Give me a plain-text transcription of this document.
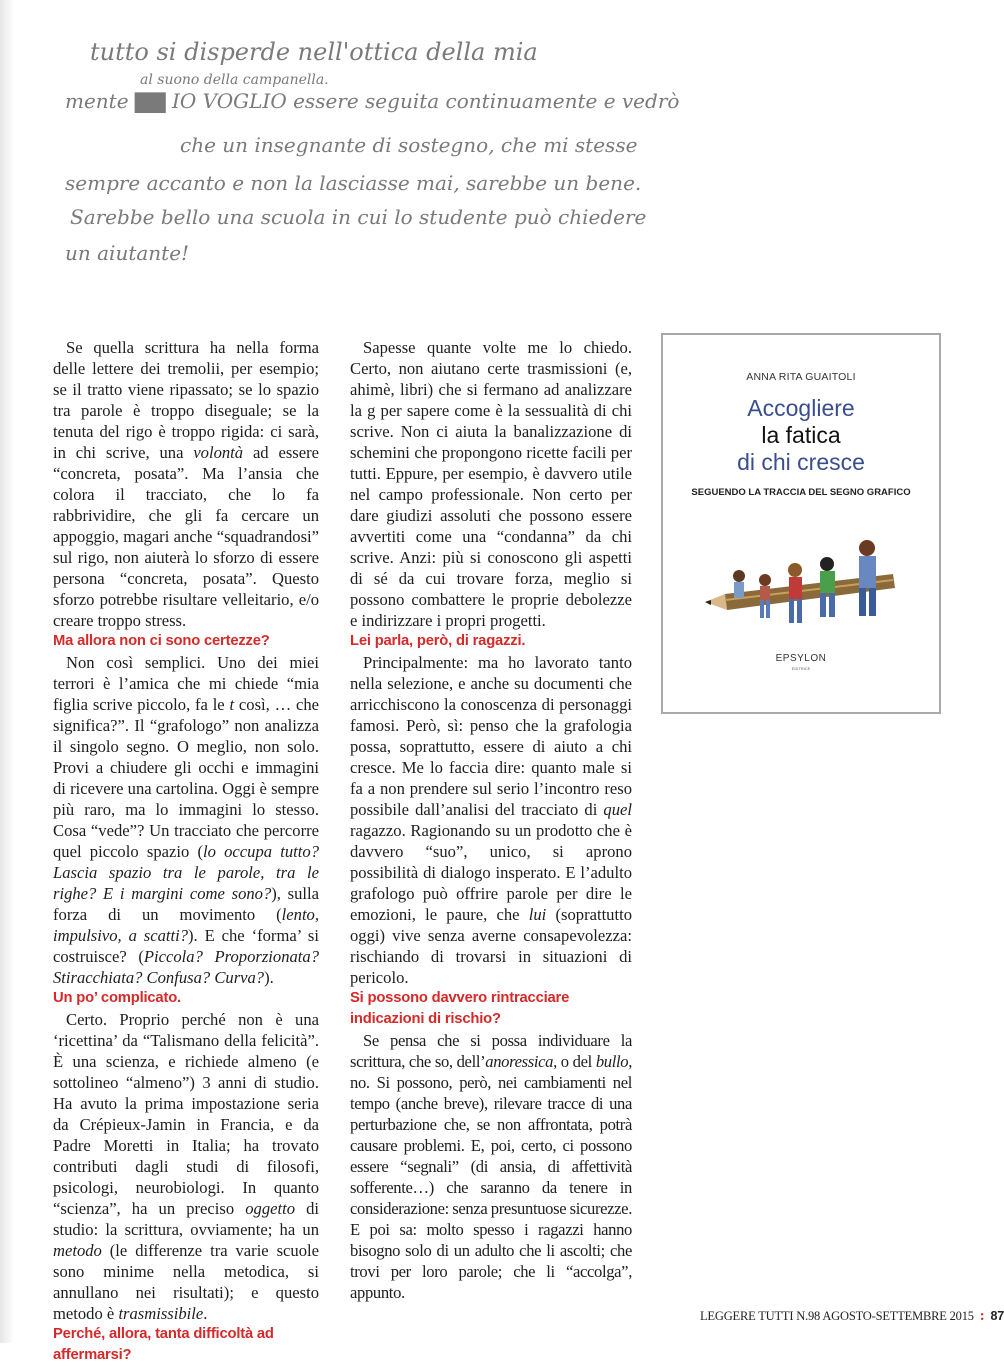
tutto si disperde nell'ottica della mia
al suono della campanella.
mente ▇▇ IO VOGLIO essere seguita continuamente e vedrò
che un insegnante di sostegno, che mi stesse
sempre accanto e non la lasciasse mai, sarebbe un bene.
Sarebbe bello una scuola in cui lo studente può chiedere
un aiutante!

Se quella scrittura ha nella forma delle lettere dei tremolii, per esempio; se il tratto viene ripassato; se lo spazio tra parole è troppo diseguale; se la tenuta del rigo è troppo rigida: ci sarà, in chi scrive, una volontà ad essere “concreta, posata”. Ma l’ansia che colora il tracciato, che lo fa rabbrividire, che gli fa cercare un appoggio, magari anche “squadrandosi” sul rigo, non aiuterà lo sforzo di essere persona “concreta, posata”. Questo sforzo potrebbe risultare velleitario, e/o creare troppo stress.

Ma allora non ci sono certezze?

Non così semplici. Uno dei miei terrori è l’amica che mi chiede “mia figlia scrive piccolo, fa le t così, … che significa?”. Il “grafologo” non analizza il singolo segno. O meglio, non solo. Provi a chiudere gli occhi e immagini di ricevere una cartolina. Oggi è sempre più raro, ma lo immagini lo stesso. Cosa “vede”? Un tracciato che percorre quel piccolo spazio (lo occupa tutto? Lascia spazio tra le parole, tra le righe? E i margini come sono?), sulla forza di un movimento (lento, impulsivo, a scatti?). E che ‘forma’ si costruisce? (Piccola? Proporzionata? Stiracchiata? Confusa? Curva?).

Un po’ complicato.

Certo. Proprio perché non è una ‘ricettina’ da “Talismano della felicità”. È una scienza, e richiede almeno (e sottolineo “almeno”) 3 anni di studio. Ha avuto la prima impostazione seria da Crépieux-Jamin in Francia, e da Padre Moretti in Italia; ha trovato contributi dagli studi di filosofi, psicologi, neurobiologi. In quanto “scienza”, ha un preciso oggetto di studio: la scrittura, ovviamente; ha un metodo (le differenze tra varie scuole sono minime nella metodica, si annullano nei risultati); e questo metodo è trasmissibile.

Perché, allora, tanta difficoltà ad affermarsi?

Sapesse quante volte me lo chiedo. Certo, non aiutano certe trasmissioni (e, ahimè, libri) che si fermano ad analizzare la g per sapere come è la sessualità di chi scrive. Non ci aiuta la banalizzazione di schemini che propongono ricette facili per tutti. Eppure, per esempio, è davvero utile nel campo professionale. Non certo per dare giudizi assoluti che possono essere avvertiti come una “condanna” da chi scrive. Anzi: più si conoscono gli aspetti di sé da cui trovare forza, meglio si possono combattere le proprie debolezze e indirizzare i propri progetti.

Lei parla, però, di ragazzi.

Principalmente: ma ho lavorato tanto nella selezione, e anche su documenti che arricchiscono la conoscenza di personaggi famosi. Però, sì: penso che la grafologia possa, soprattutto, essere di aiuto a chi cresce. Me lo faccia dire: quanto male si fa a non prendere sul serio l’incontro reso possibile dall’analisi del tracciato di quel ragazzo. Ragionando su un prodotto che è davvero “suo”, unico, si aprono possibilità di dialogo insperato. E l’adulto grafologo può offrire parole per dire le emozioni, le paure, che lui (soprattutto oggi) vive senza averne consapevolezza: rischiando di trovarsi in situazioni di pericolo.

Si possono davvero rintracciare indicazioni di rischio?

Se pensa che si possa individuare la scrittura, che so, dell’anoressica, o del bullo, no. Si possono, però, nei cambiamenti nel tempo (anche breve), rilevare tracce di una perturbazione che, se non affrontata, potrà causare problemi. E, poi, certo, ci possono essere “segnali” (di ansia, di affettività sofferente…) che saranno da tenere in considerazione: senza presuntuose sicurezze. E poi sa: molto spesso i ragazzi hanno bisogno solo di un adulto che li ascolti; che trovi per loro parole; che li “accolga”, appunto.

ANNA RITA GUAITOLI
Accogliere
la fatica
di chi cresce
SEGUENDO LA TRACCIA DEL SEGNO GRAFICO
EPSYLON
EDITRICE
LEGGERE TUTTI N.98 AGOSTO-SETTEMBRE 2015 : 87
